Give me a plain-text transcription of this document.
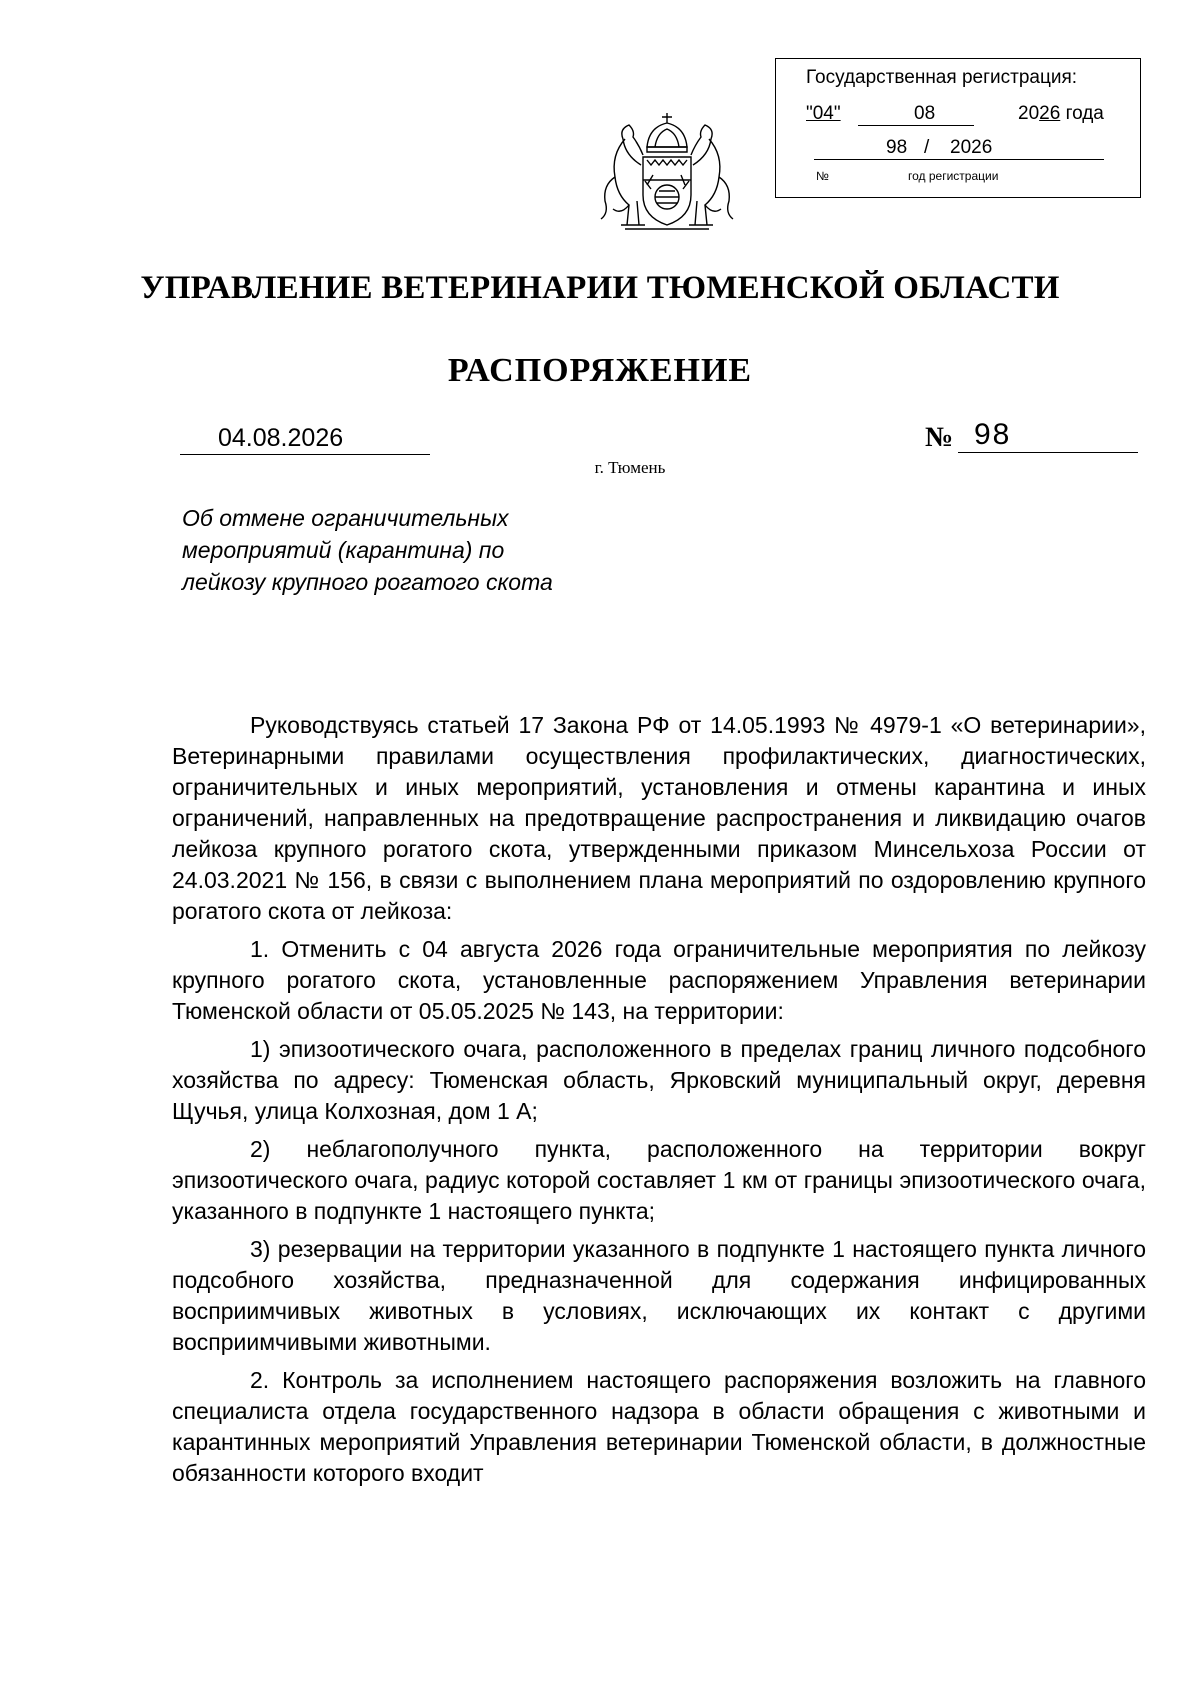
Государственная регистрация:
"04"	08	2026 года
98 / 2026
№	год регистрации
УПРАВЛЕНИЕ ВЕТЕРИНАРИИ ТЮМЕНСКОЙ ОБЛАСТИ
РАСПОРЯЖЕНИЕ
04.08.2026	№ 98
г. Тюмень
Об отмене ограничительных
мероприятий (карантина) по
лейкозу крупного рогатого скота

Руководствуясь статьей 17 Закона РФ от 14.05.1993 № 4979-1 «О ветеринарии», Ветеринарными правилами осуществления профилактических, диагностических, ограничительных и иных мероприятий, установления и отмены карантина и иных ограничений, направленных на предотвращение распространения и ликвидацию очагов лейкоза крупного рогатого скота, утвержденными приказом Минсельхоза России от 24.03.2021 № 156, в связи с выполнением плана мероприятий по оздоровлению крупного рогатого скота от лейкоза:

1. Отменить с 04 августа 2026 года ограничительные мероприятия по лейкозу крупного рогатого скота, установленные распоряжением Управления ветеринарии Тюменской области от 05.05.2025 № 143, на территории:

1) эпизоотического очага, расположенного в пределах границ личного подсобного хозяйства по адресу: Тюменская область, Ярковский муниципальный округ, деревня Щучья, улица Колхозная, дом 1 А;

2) неблагополучного пункта, расположенного на территории вокруг эпизоотического очага, радиус которой составляет 1 км от границы эпизоотического очага, указанного в подпункте 1 настоящего пункта;

3) резервации на территории указанного в подпункте 1 настоящего пункта личного подсобного хозяйства, предназначенной для содержания инфицированных восприимчивых животных в условиях, исключающих их контакт с другими восприимчивыми животными.

2. Контроль за исполнением настоящего распоряжения возложить на главного специалиста отдела государственного надзора в области обращения с животными и карантинных мероприятий Управления ветеринарии Тюменской области, в должностные обязанности которого входит
